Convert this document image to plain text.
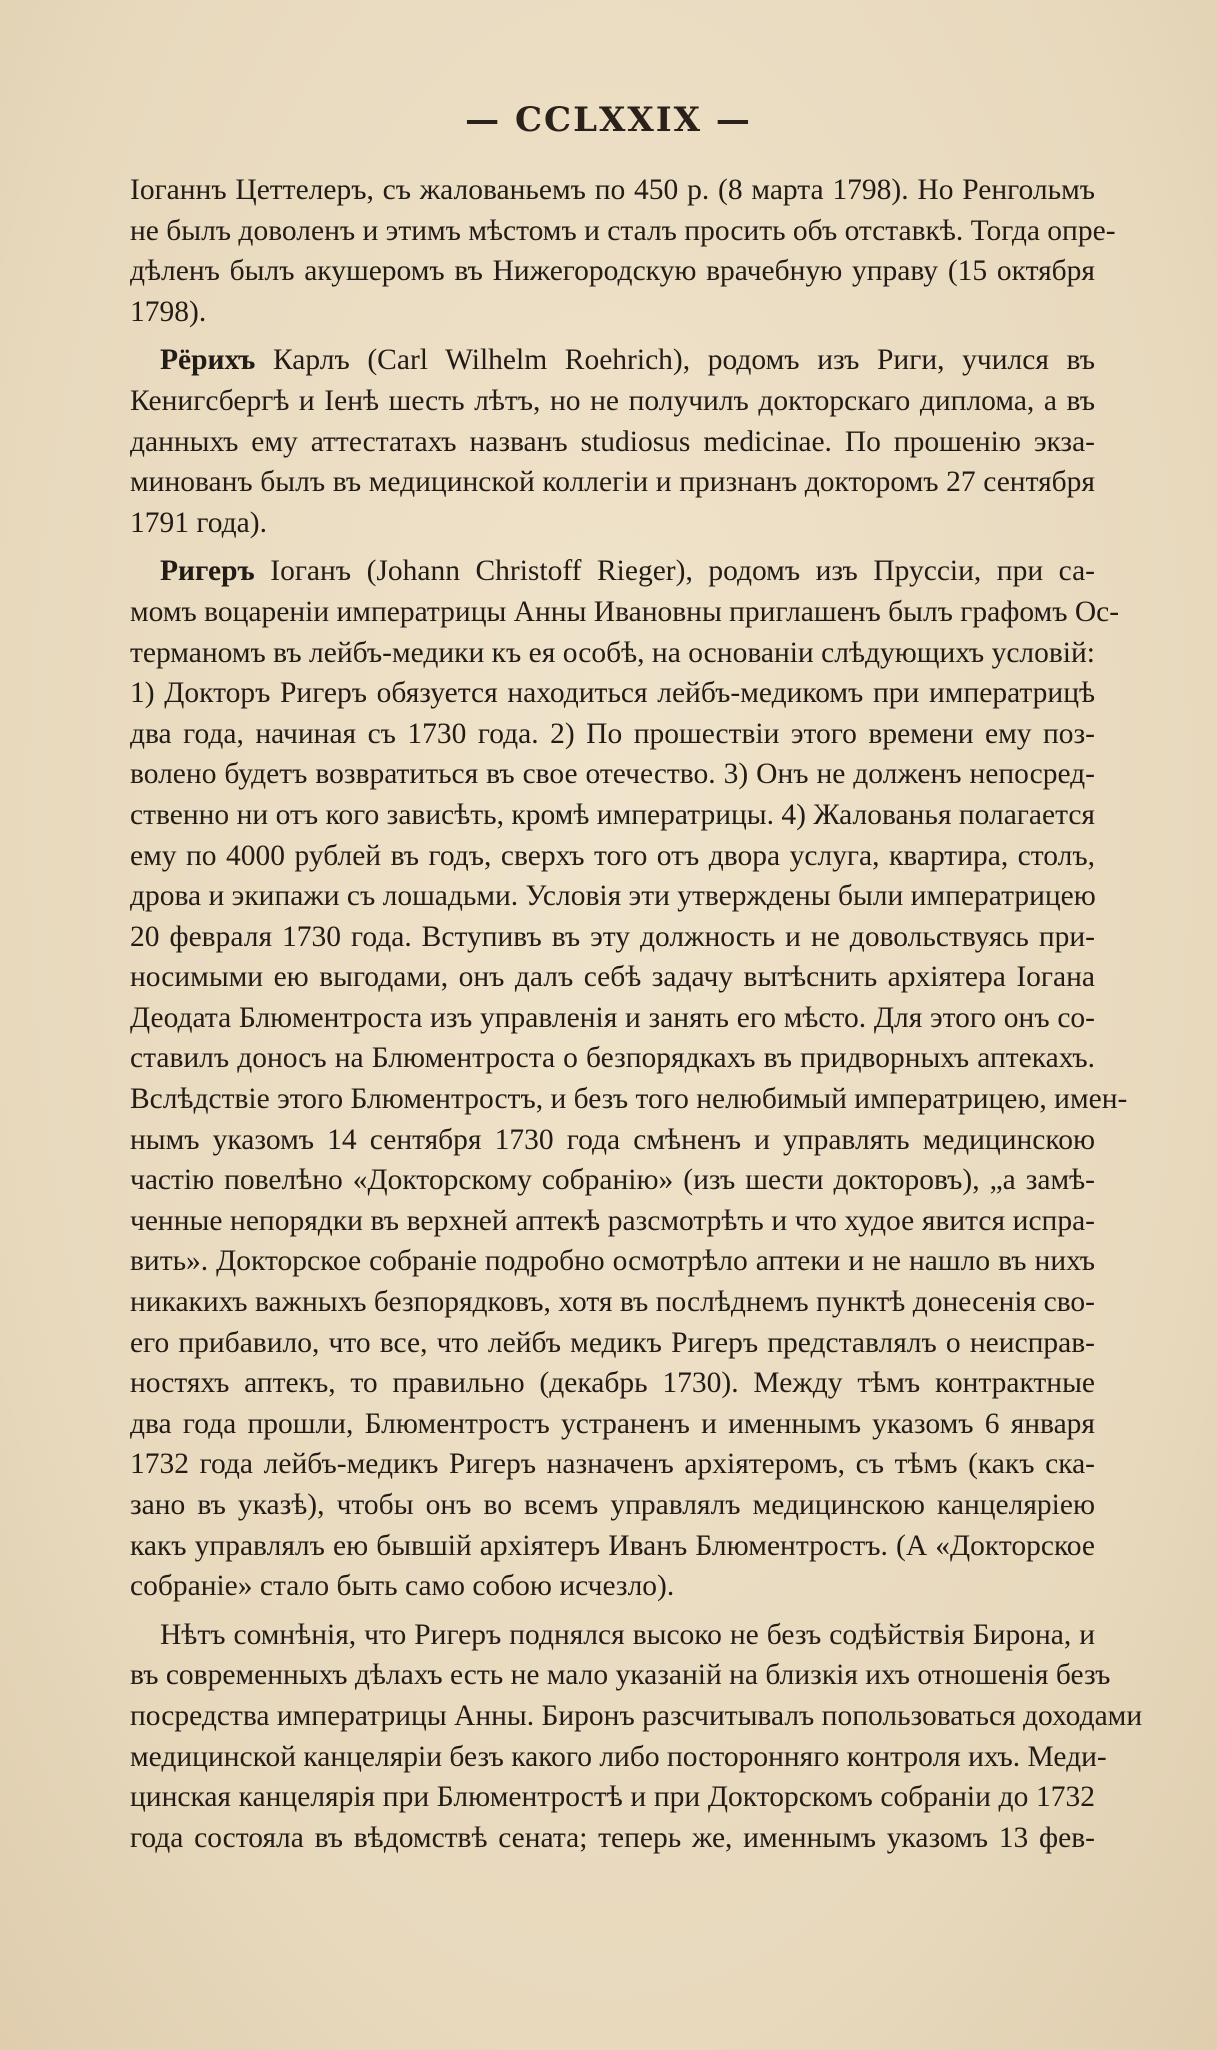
— CCLXXIX —
Іоганнъ Цеттелеръ, съ жалованьемъ по 450 р. (8 марта 1798). Но Ренгольмъ
не былъ доволенъ и этимъ мѣстомъ и сталъ просить объ отставкѣ. Тогда опре-
дѣленъ былъ акушеромъ въ Нижегородскую врачебную управу (15 октября
1798).
Рёрихъ Карлъ (Carl Wilhelm Roehrich), родомъ изъ Риги, учился въ
Кенигсбергѣ и Іенѣ шесть лѣтъ, но не получилъ докторскаго диплома, а въ
данныхъ ему аттестатахъ названъ studiosus medicinae. По прошенію экза-
минованъ былъ въ медицинской коллегіи и признанъ докторомъ 27 сентября
1791 года).
Ригеръ Іоганъ (Johann Christoff Rieger), родомъ изъ Пруссіи, при са-
момъ воцареніи императрицы Анны Ивановны приглашенъ былъ графомъ Ос-
терманомъ въ лейбъ-медики къ ея особѣ, на основаніи слѣдующихъ условій:
1) Докторъ Ригеръ обязуется находиться лейбъ-медикомъ при императрицѣ
два года, начиная съ 1730 года. 2) По прошествіи этого времени ему поз-
волено будетъ возвратиться въ свое отечество. 3) Онъ не долженъ непосред-
ственно ни отъ кого зависѣть, кромѣ императрицы. 4) Жалованья полагается
ему по 4000 рублей въ годъ, сверхъ того отъ двора услуга, квартира, столъ,
дрова и экипажи съ лошадьми. Условія эти утверждены были императрицею
20 февраля 1730 года. Вступивъ въ эту должность и не довольствуясь при-
носимыми ею выгодами, онъ далъ себѣ задачу вытѣснить архіятера Іогана
Деодата Блюментроста изъ управленія и занять его мѣсто. Для этого онъ со-
ставилъ доносъ на Блюментроста о безпорядкахъ въ придворныхъ аптекахъ.
Вслѣдствіе этого Блюментростъ, и безъ того нелюбимый императрицею, имен-
нымъ указомъ 14 сентября 1730 года смѣненъ и управлять медицинскою
частію повелѣно «Докторскому собранію» (изъ шести докторовъ), „а замѣ-
ченные непорядки въ верхней аптекѣ разсмотрѣть и что худое явится испра-
вить». Докторское собраніе подробно осмотрѣло аптеки и не нашло въ нихъ
никакихъ важныхъ безпорядковъ, хотя въ послѣднемъ пунктѣ донесенія сво-
его прибавило, что все, что лейбъ медикъ Ригеръ представлялъ о неисправ-
ностяхъ аптекъ, то правильно (декабрь 1730). Между тѣмъ контрактные
два года прошли, Блюментростъ устраненъ и именнымъ указомъ 6 января
1732 года лейбъ-медикъ Ригеръ назначенъ архіятеромъ, съ тѣмъ (какъ ска-
зано въ указѣ), чтобы онъ во всемъ управлялъ медицинскою канцеляріею
какъ управлялъ ею бывшій архіятеръ Иванъ Блюментростъ. (А «Докторское
собраніе» стало быть само собою исчезло).
Нѣтъ сомнѣнія, что Ригеръ поднялся высоко не безъ содѣйствія Бирона, и
въ современныхъ дѣлахъ есть не мало указаній на близкія ихъ отношенія безъ
посредства императрицы Анны. Биронъ разсчитывалъ попользоваться доходами
медицинской канцеляріи безъ какого либо посторонняго контроля ихъ. Меди-
цинская канцелярія при Блюментростѣ и при Докторскомъ собраніи до 1732
года состояла въ вѣдомствѣ сената; теперь же, именнымъ указомъ 13 фев-
